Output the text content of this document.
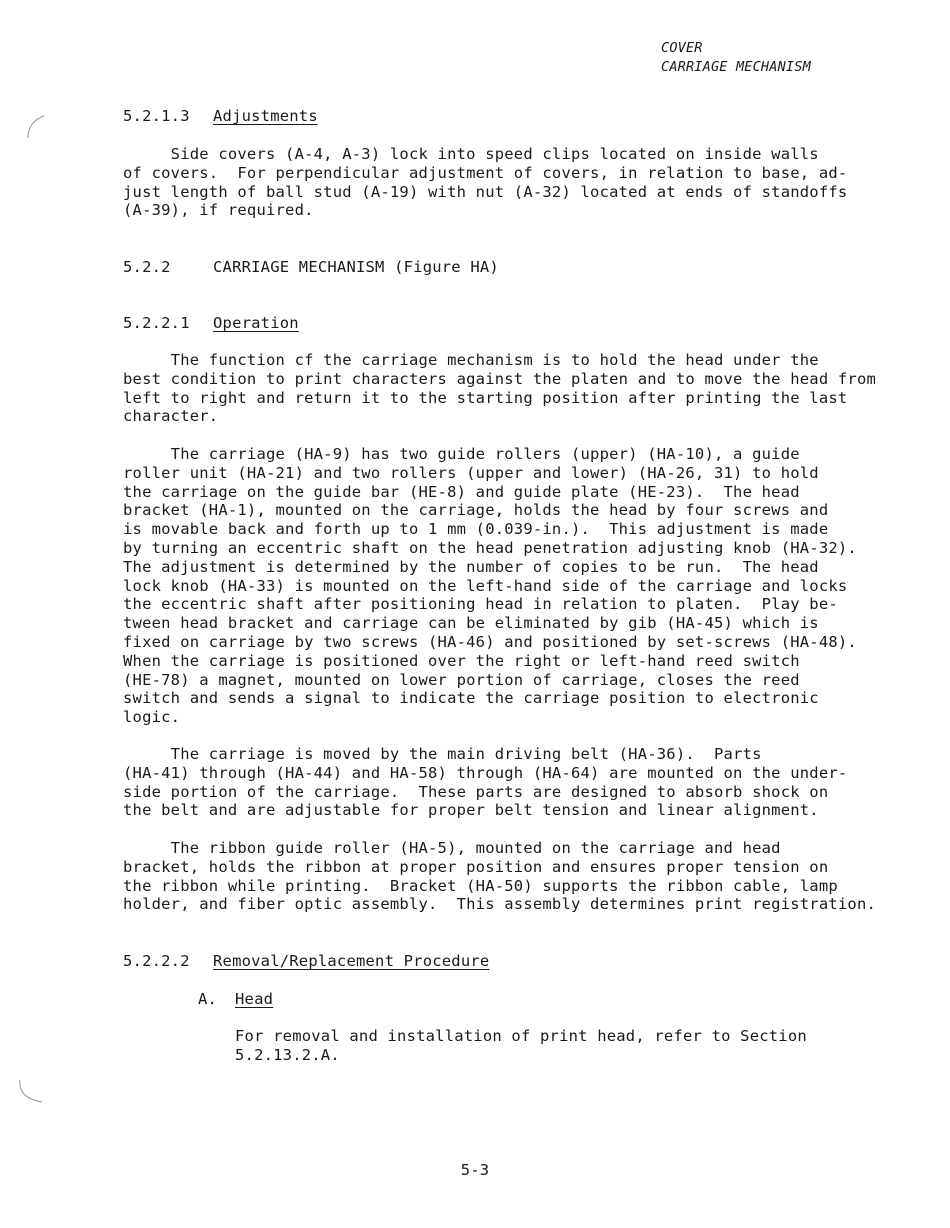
COVER
CARRIAGE MECHANISM
5.2.1.3 Adjustments
Side covers (A-4, A-3) lock into speed clips located on inside walls
of covers.  For perpendicular adjustment of covers, in relation to base, ad-
just length of ball stud (A-19) with nut (A-32) located at ends of standoffs
(A-39), if required.
5.2.2	CARRIAGE MECHANISM (Figure HA)
5.2.2.1 Operation
The function cf the carriage mechanism is to hold the head under the
best condition to print characters against the platen and to move the head from
left to right and return it to the starting position after printing the last
character.
The carriage (HA-9) has two guide rollers (upper) (HA-10), a guide
roller unit (HA-21) and two rollers (upper and lower) (HA-26, 31) to hold
the carriage on the guide bar (HE-8) and guide plate (HE-23).  The head
bracket (HA-1), mounted on the carriage, holds the head by four screws and
is movable back and forth up to 1 mm (0.039-in.).  This adjustment is made
by turning an eccentric shaft on the head penetration adjusting knob (HA-32).
The adjustment is determined by the number of copies to be run.  The head
lock knob (HA-33) is mounted on the left-hand side of the carriage and locks
the eccentric shaft after positioning head in relation to platen.  Play be-
tween head bracket and carriage can be eliminated by gib (HA-45) which is
fixed on carriage by two screws (HA-46) and positioned by set-screws (HA-48).
When the carriage is positioned over the right or left-hand reed switch
(HE-78) a magnet, mounted on lower portion of carriage, closes the reed
switch and sends a signal to indicate the carriage position to electronic
logic.
The carriage is moved by the main driving belt (HA-36).  Parts
(HA-41) through (HA-44) and HA-58) through (HA-64) are mounted on the under-
side portion of the carriage.  These parts are designed to absorb shock on
the belt and are adjustable for proper belt tension and linear alignment.
The ribbon guide roller (HA-5), mounted on the carriage and head
bracket, holds the ribbon at proper position and ensures proper tension on
the ribbon while printing.  Bracket (HA-50) supports the ribbon cable, lamp
holder, and fiber optic assembly.  This assembly determines print registration.
5.2.2.2 Removal/Replacement Procedure
A. Head
For removal and installation of print head, refer to Section
5.2.13.2.A.
5-3
